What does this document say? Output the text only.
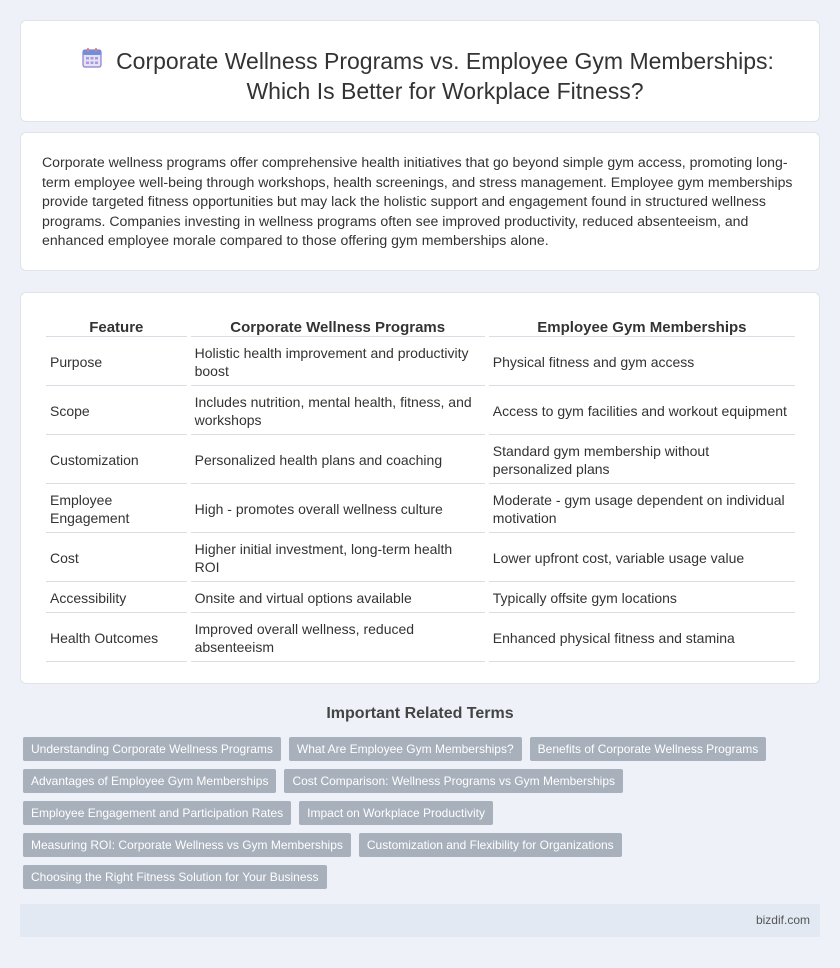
Corporate Wellness Programs vs. Employee Gym Memberships: Which Is Better for Workplace Fitness?

Corporate wellness programs offer comprehensive health initiatives that go beyond simple gym access, promoting long-term employee well-being through workshops, health screenings, and stress management. Employee gym memberships provide targeted fitness opportunities but may lack the holistic support and engagement found in structured wellness programs. Companies investing in wellness programs often see improved productivity, reduced absenteeism, and enhanced employee morale compared to those offering gym memberships alone.

Feature	Corporate Wellness Programs	Employee Gym Memberships
Purpose	Holistic health improvement and productivity boost	Physical fitness and gym access
Scope	Includes nutrition, mental health, fitness, and workshops	Access to gym facilities and workout equipment
Customization	Personalized health plans and coaching	Standard gym membership without personalized plans
Employee Engagement	High - promotes overall wellness culture	Moderate - gym usage dependent on individual motivation
Cost	Higher initial investment, long-term health ROI	Lower upfront cost, variable usage value
Accessibility	Onsite and virtual options available	Typically offsite gym locations
Health Outcomes	Improved overall wellness, reduced absenteeism	Enhanced physical fitness and stamina
Important Related Terms
Understanding Corporate Wellness Programs	What Are Employee Gym Memberships?	Benefits of Corporate Wellness Programs
Advantages of Employee Gym Memberships	Cost Comparison: Wellness Programs vs Gym Memberships
Employee Engagement and Participation Rates	Impact on Workplace Productivity
Measuring ROI: Corporate Wellness vs Gym Memberships	Customization and Flexibility for Organizations
Choosing the Right Fitness Solution for Your Business
bizdif.com
